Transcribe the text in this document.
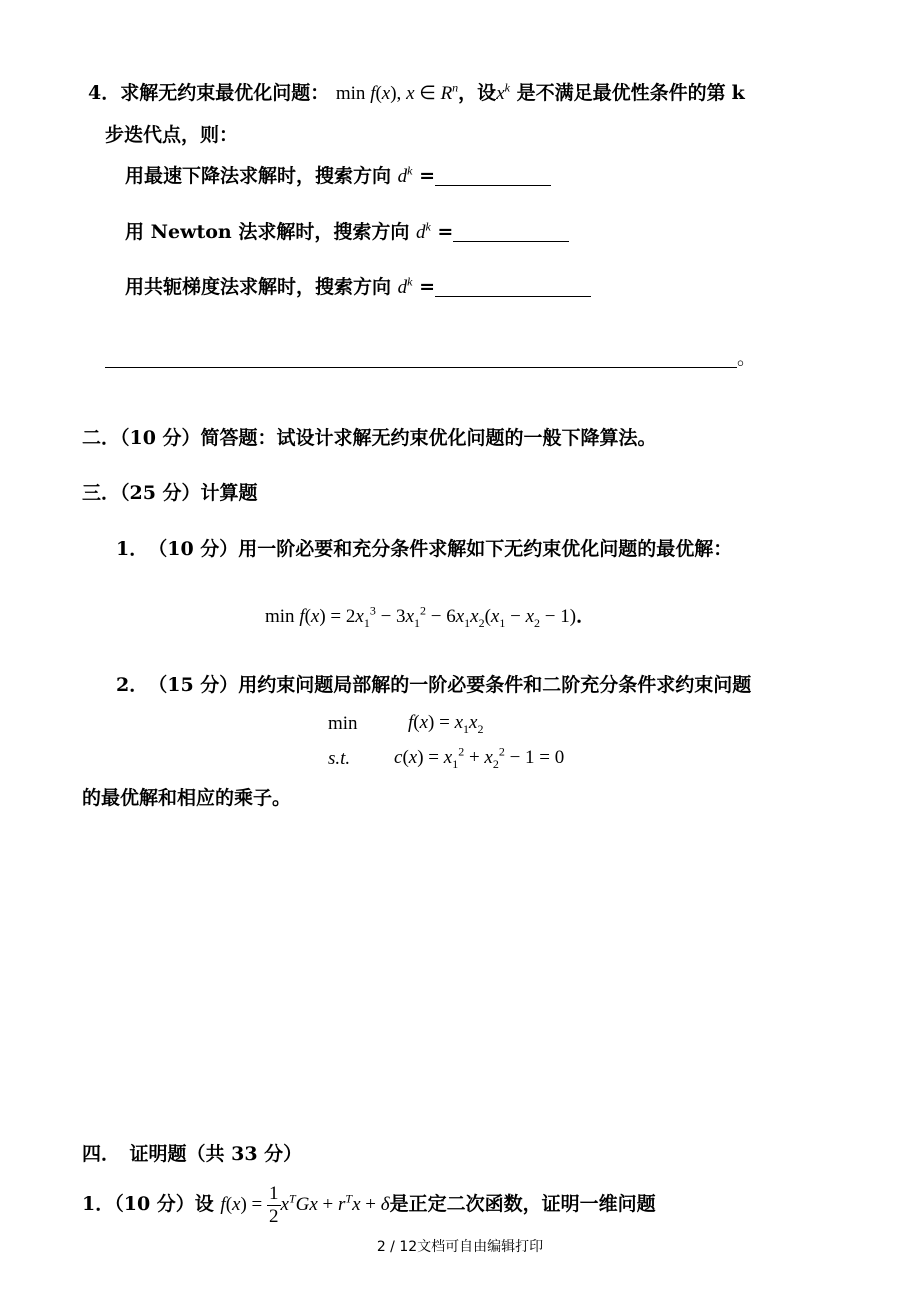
4．求解无约束最优化问题： min f(x), x ∈ $R^n$，设$x^k$ 是不满足最优性条件的第 k
步迭代点，则：
用最速下降法求解时，搜索方向 $d^k$ =
用 Newton 法求解时，搜索方向 $d^k$ =
用共轭梯度法求解时，搜索方向 $d^k$ =
。
二．（10 分）简答题：试设计求解无约束优化问题的一般下降算法。
三．（25 分）计算题
1．　（10 分）用一阶必要和充分条件求解如下无约束优化问题的最优解：
$\min f(x) = 2x_1^3 - 3x_1^2 - 6x_1x_2(x_1 - x_2 - 1)$．
2．　（15 分）用约束问题局部解的一阶必要条件和二阶充分条件求约束问题
min	$f(x) = x_1x_2$
s.t. $c(x) = x_1^2 + x_2^2 - 1 = 0$
的最优解和相应的乘子。
四．　证明题（共 33 分）
1．（10 分）设 $f(x) = \frac{1}{2} x^TGx + r^Tx + \delta$是正定二次函数，证明一维问题
2 / 12文档可自由编辑打印
